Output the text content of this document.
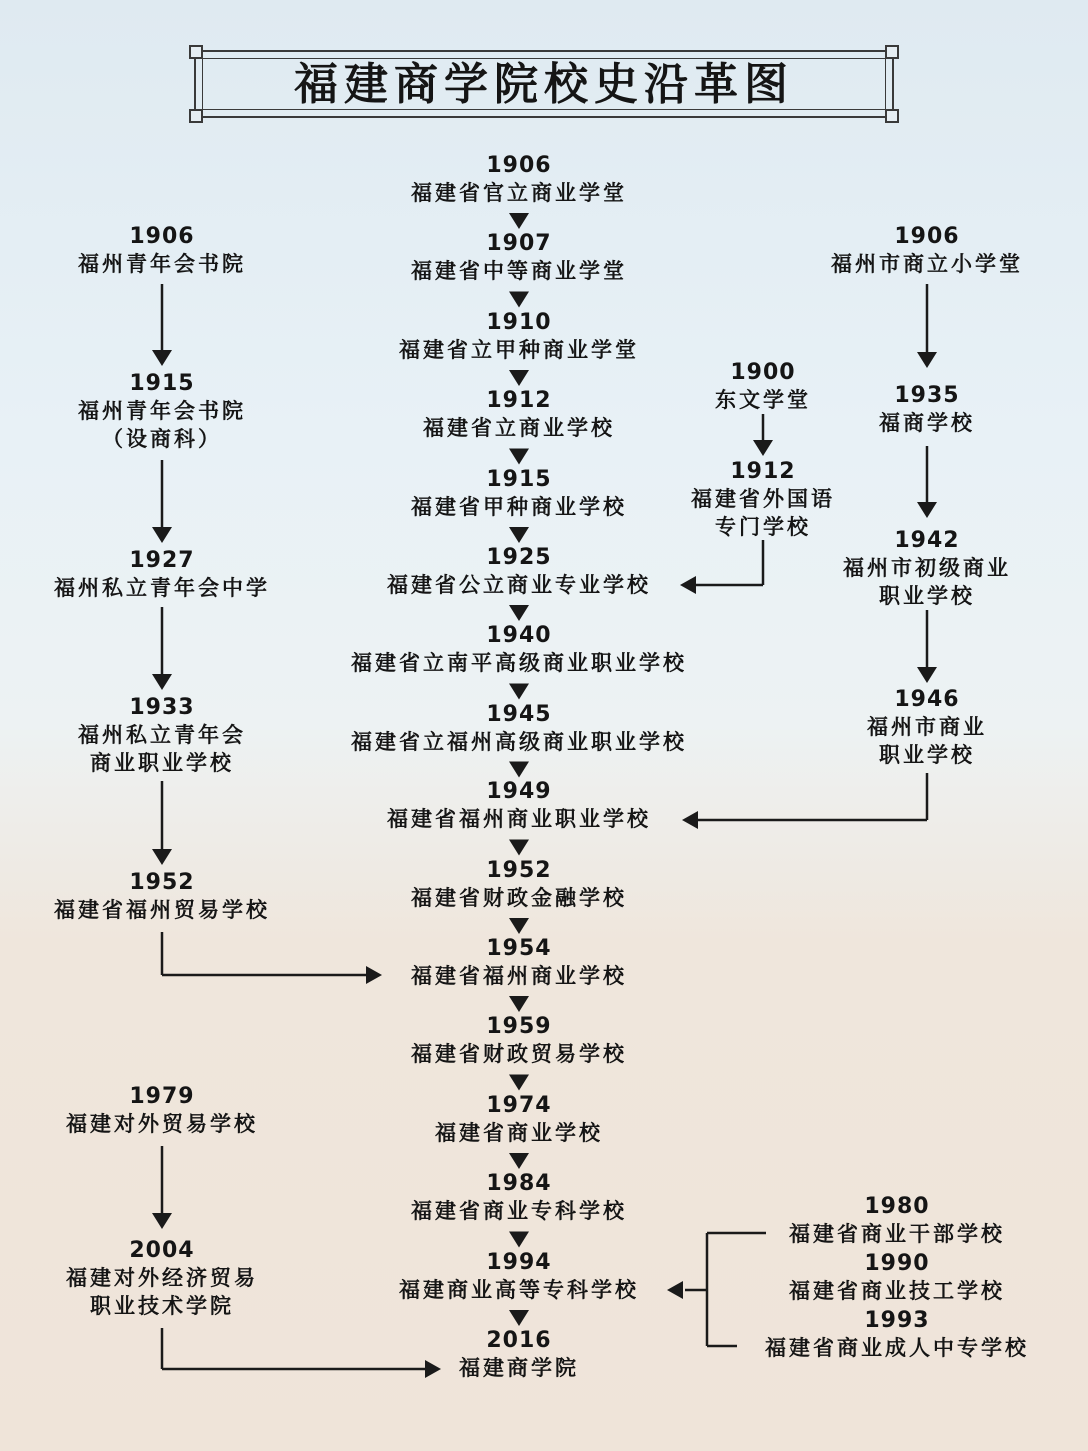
福建商学院校史沿革图
1906
福建省官立商业学堂
1907
福建省中等商业学堂
1910
福建省立甲种商业学堂
1912
福建省立商业学校
1915
福建省甲种商业学校
1925
福建省公立商业专业学校
1940
福建省立南平高级商业职业学校
1945
福建省立福州高级商业职业学校
1949
福建省福州商业职业学校
1952
福建省财政金融学校
1954
福建省福州商业学校
1959
福建省财政贸易学校
1974
福建省商业学校
1984
福建省商业专科学校
1994
福建商业高等专科学校
2016
福建商学院
1906
福州青年会书院
1915
福州青年会书院
（设商科）
1927
福州私立青年会中学
1933
福州私立青年会
商业职业学校
1952
福建省福州贸易学校
1979
福建对外贸易学校
2004
福建对外经济贸易
职业技术学院
1900
东文学堂
1912
福建省外国语
专门学校
1906
福州市商立小学堂
1935
福商学校
1942
福州市初级商业
职业学校
1946
福州市商业
职业学校
1980
福建省商业干部学校
1990
福建省商业技工学校
1993
福建省商业成人中专学校
